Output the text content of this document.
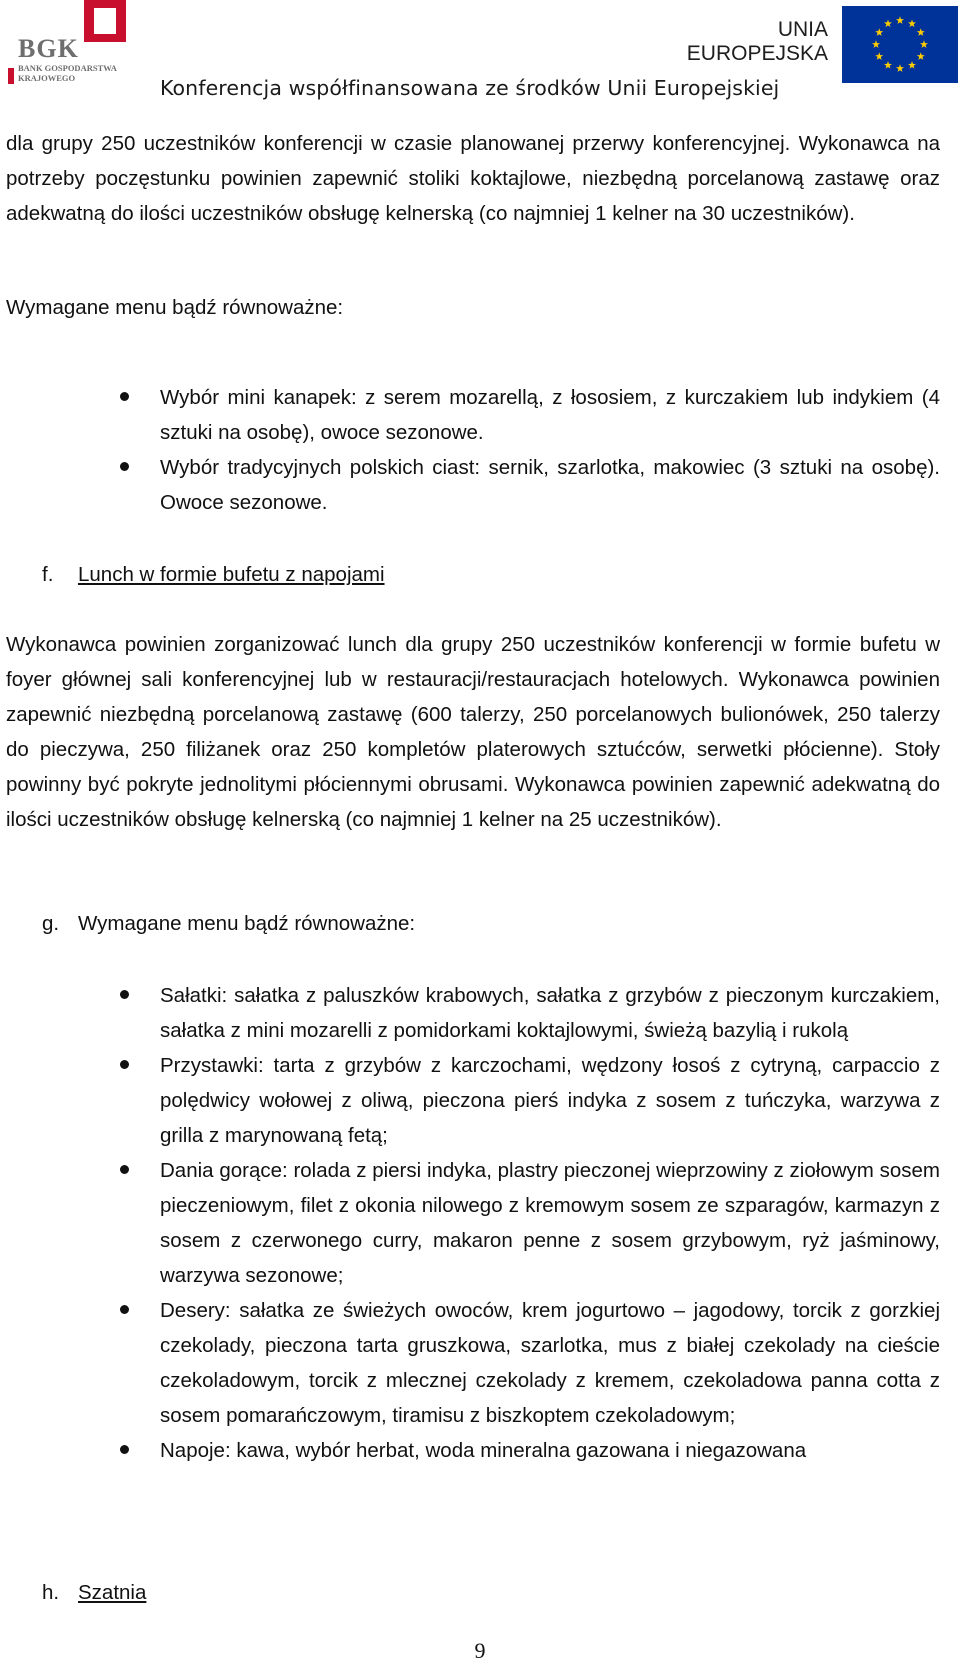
BGK
BANK GOSPODARSTWA KRAJOWEGO
UNIA
EUROPEJSKA
Konferencja współfinansowana ze środków Unii Europejskiej
dla grupy 250 uczestników konferencji w czasie planowanej przerwy konferencyjnej. Wykonawca na potrzeby poczęstunku powinien zapewnić stoliki koktajlowe, niezbędną porcelanową zastawę oraz adekwatną do ilości uczestników obsługę kelnerską (co najmniej 1 kelner na 30 uczestników).
Wymagane menu bądź równoważne:
Wybór mini kanapek: z serem mozarellą, z łososiem, z kurczakiem lub indykiem (4 sztuki na osobę), owoce sezonowe.
Wybór tradycyjnych polskich ciast: sernik, szarlotka, makowiec (3 sztuki na osobę). Owoce sezonowe.
f. Lunch w formie bufetu z napojami
Wykonawca powinien zorganizować lunch dla grupy 250 uczestników konferencji w formie bufetu w foyer głównej sali konferencyjnej lub w restauracji/restauracjach hotelowych. Wykonawca powinien zapewnić niezbędną porcelanową zastawę (600 talerzy, 250 porcelanowych bulionówek, 250 talerzy do pieczywa, 250 filiżanek oraz 250 kompletów platerowych sztućców, serwetki płócienne). Stoły powinny być pokryte jednolitymi płóciennymi obrusami. Wykonawca powinien zapewnić adekwatną do ilości uczestników obsługę kelnerską (co najmniej 1 kelner na 25 uczestników).
g. Wymagane menu bądź równoważne:
Sałatki: sałatka z paluszków krabowych, sałatka z grzybów z pieczonym kurczakiem, sałatka z mini mozarelli z pomidorkami koktajlowymi, świeżą bazylią i rukolą
Przystawki: tarta z grzybów z karczochami, wędzony łosoś z cytryną, carpaccio z polędwicy wołowej z oliwą, pieczona pierś indyka z sosem z tuńczyka, warzywa z grilla z marynowaną fetą;
Dania gorące: rolada z piersi indyka, plastry pieczonej wieprzowiny z ziołowym sosem pieczeniowym, filet z okonia nilowego z kremowym sosem ze szparagów, karmazyn z sosem z czerwonego curry, makaron penne z sosem grzybowym, ryż jaśminowy, warzywa sezonowe;
Desery: sałatka ze świeżych owoców, krem jogurtowo – jagodowy, torcik z gorzkiej czekolady, pieczona tarta gruszkowa, szarlotka, mus z białej czekolady na cieście czekoladowym, torcik z mlecznej czekolady z kremem, czekoladowa panna cotta z sosem pomarańczowym, tiramisu z biszkoptem czekoladowym;
Napoje: kawa, wybór herbat, woda mineralna gazowana i niegazowana
h. Szatnia
9
